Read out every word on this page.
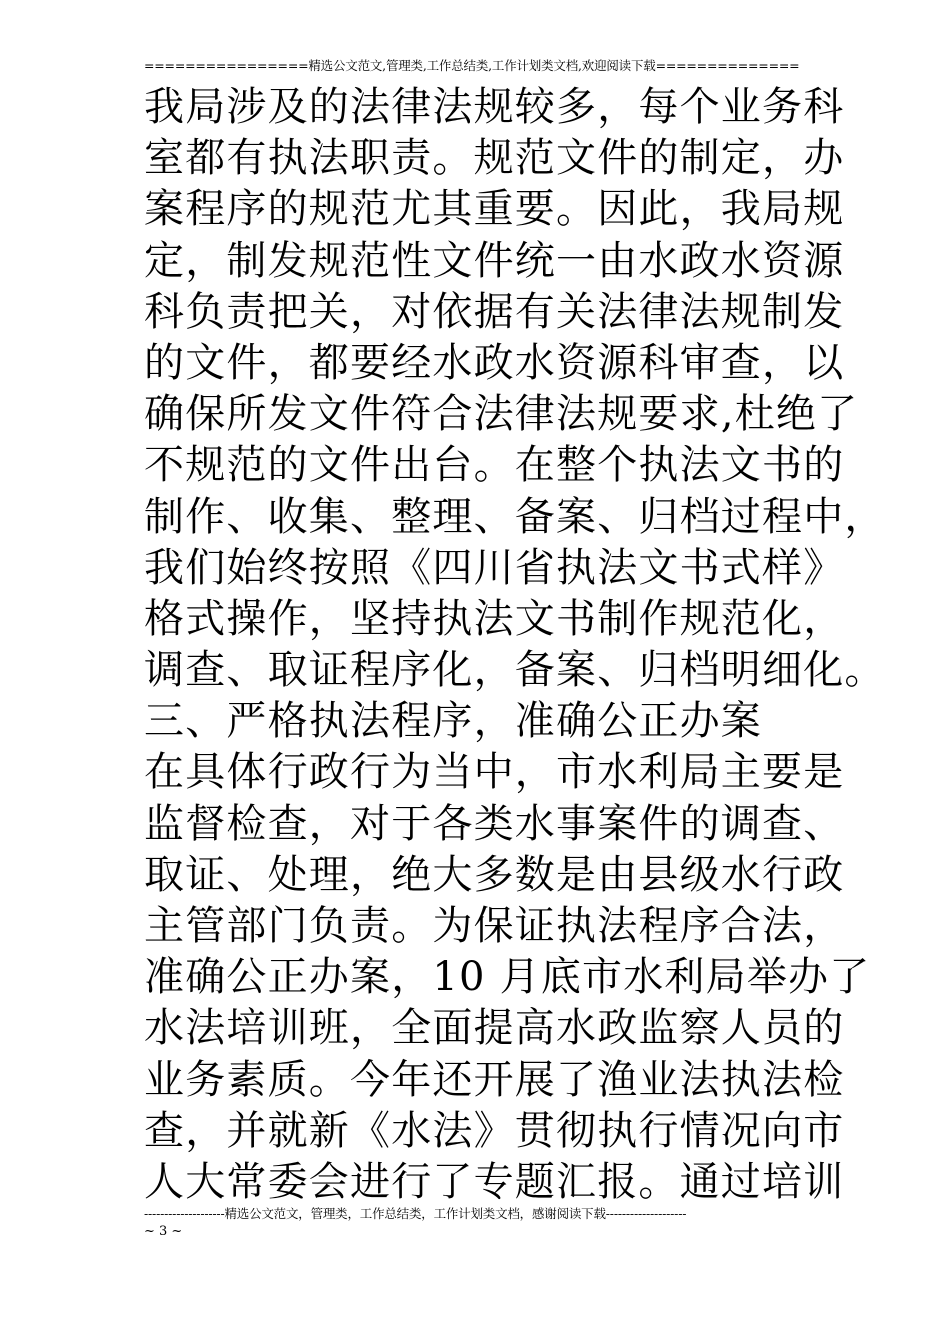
================精选公文范文,管理类,工作总结类,工作计划类文档,欢迎阅读下载==============
我局涉及的法律法规较多，每个业务科
室都有执法职责。规范文件的制定，办
案程序的规范尤其重要。因此，我局规
定，制发规范性文件统一由水政水资源
科负责把关，对依据有关法律法规制发
的文件，都要经水政水资源科审查，以
确保所发文件符合法律法规要求,杜绝了
不规范的文件出台。在整个执法文书的
制作、收集、整理、备案、归档过程中，
我们始终按照《四川省执法文书式样》
格式操作，坚持执法文书制作规范化，
调查、取证程序化，备案、归档明细化。
三、严格执法程序，准确公正办案
在具体行政行为当中，市水利局主要是
监督检查，对于各类水事案件的调查、
取证、处理，绝大多数是由县级水行政
主管部门负责。为保证执法程序合法，
准确公正办案，10 月底市水利局举办了
水法培训班，全面提高水政监察人员的
业务素质。今年还开展了渔业法执法检
查，并就新《水法》贯彻执行情况向市
人大常委会进行了专题汇报。通过培训
--------------------精选公文范文，管理类，工作总结类，工作计划类文档，感谢阅读下载--------------------
~ 3 ~
